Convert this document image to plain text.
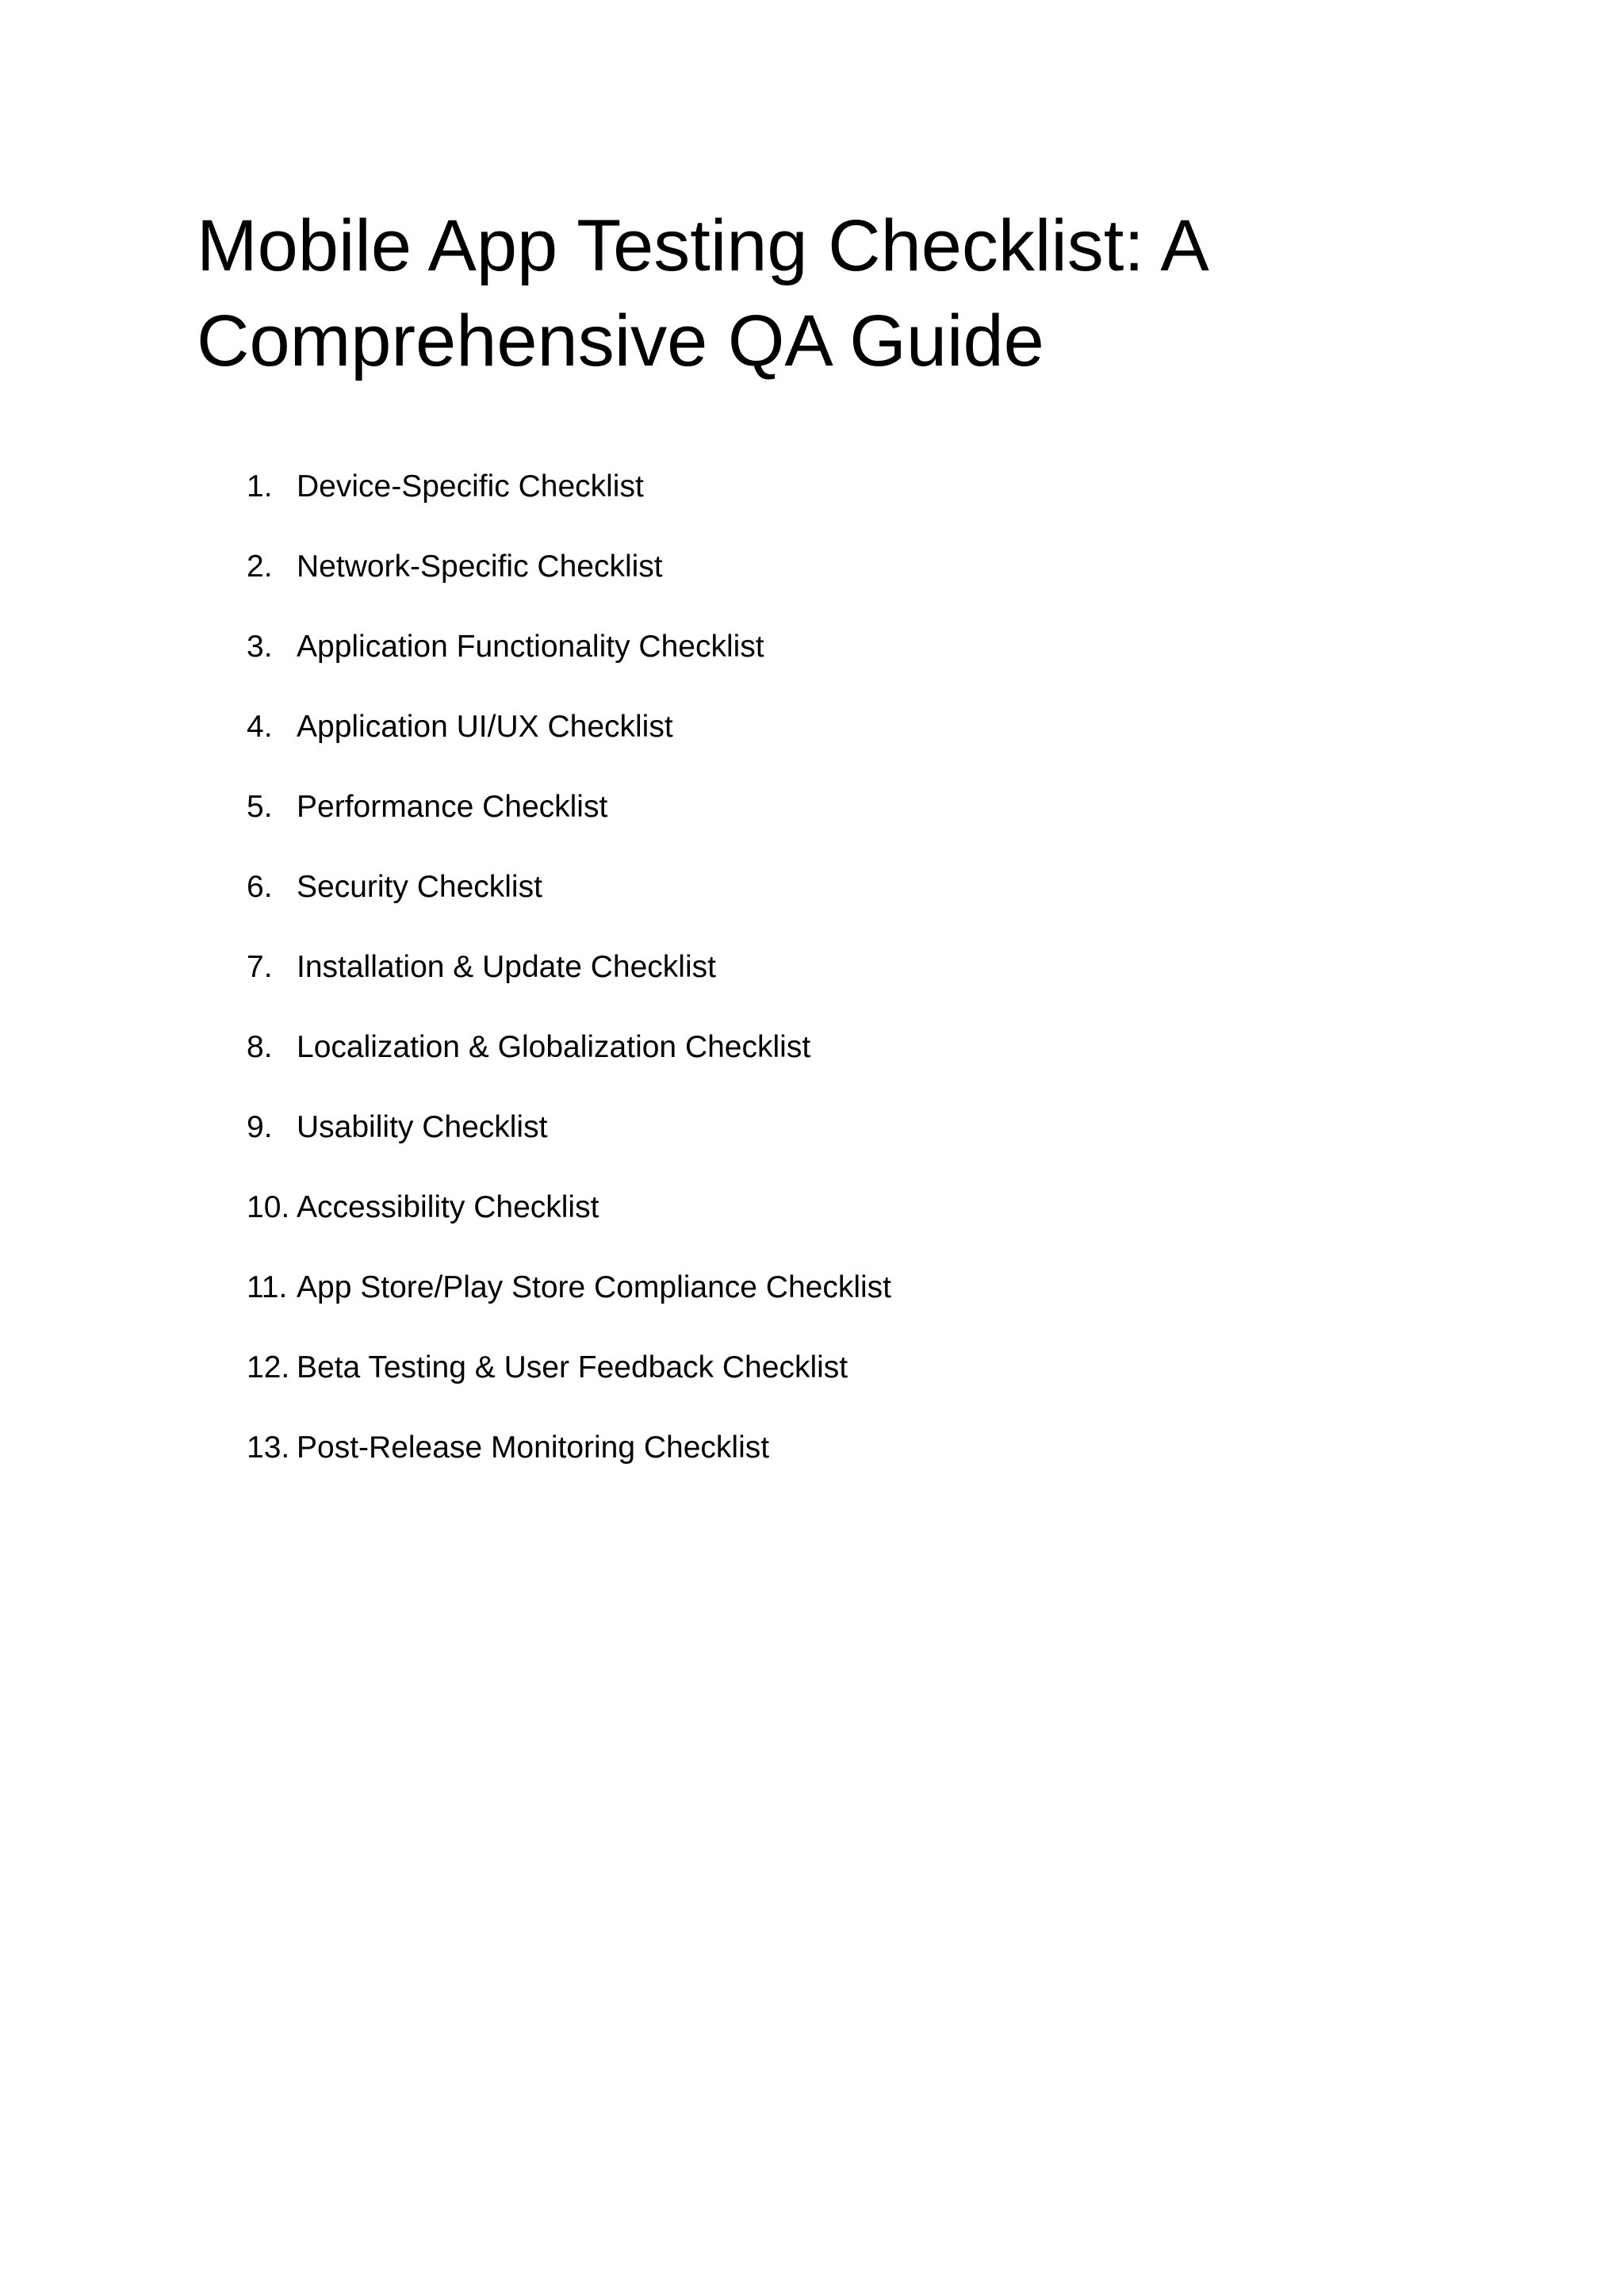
Mobile App Testing Checklist: A Comprehensive QA Guide
1. Device-Specific Checklist
2. Network-Specific Checklist
3. Application Functionality Checklist
4. Application UI/UX Checklist
5. Performance Checklist
6. Security Checklist
7. Installation & Update Checklist
8. Localization & Globalization Checklist
9. Usability Checklist
10. Accessibility Checklist
11. App Store/Play Store Compliance Checklist
12. Beta Testing & User Feedback Checklist
13. Post-Release Monitoring Checklist
